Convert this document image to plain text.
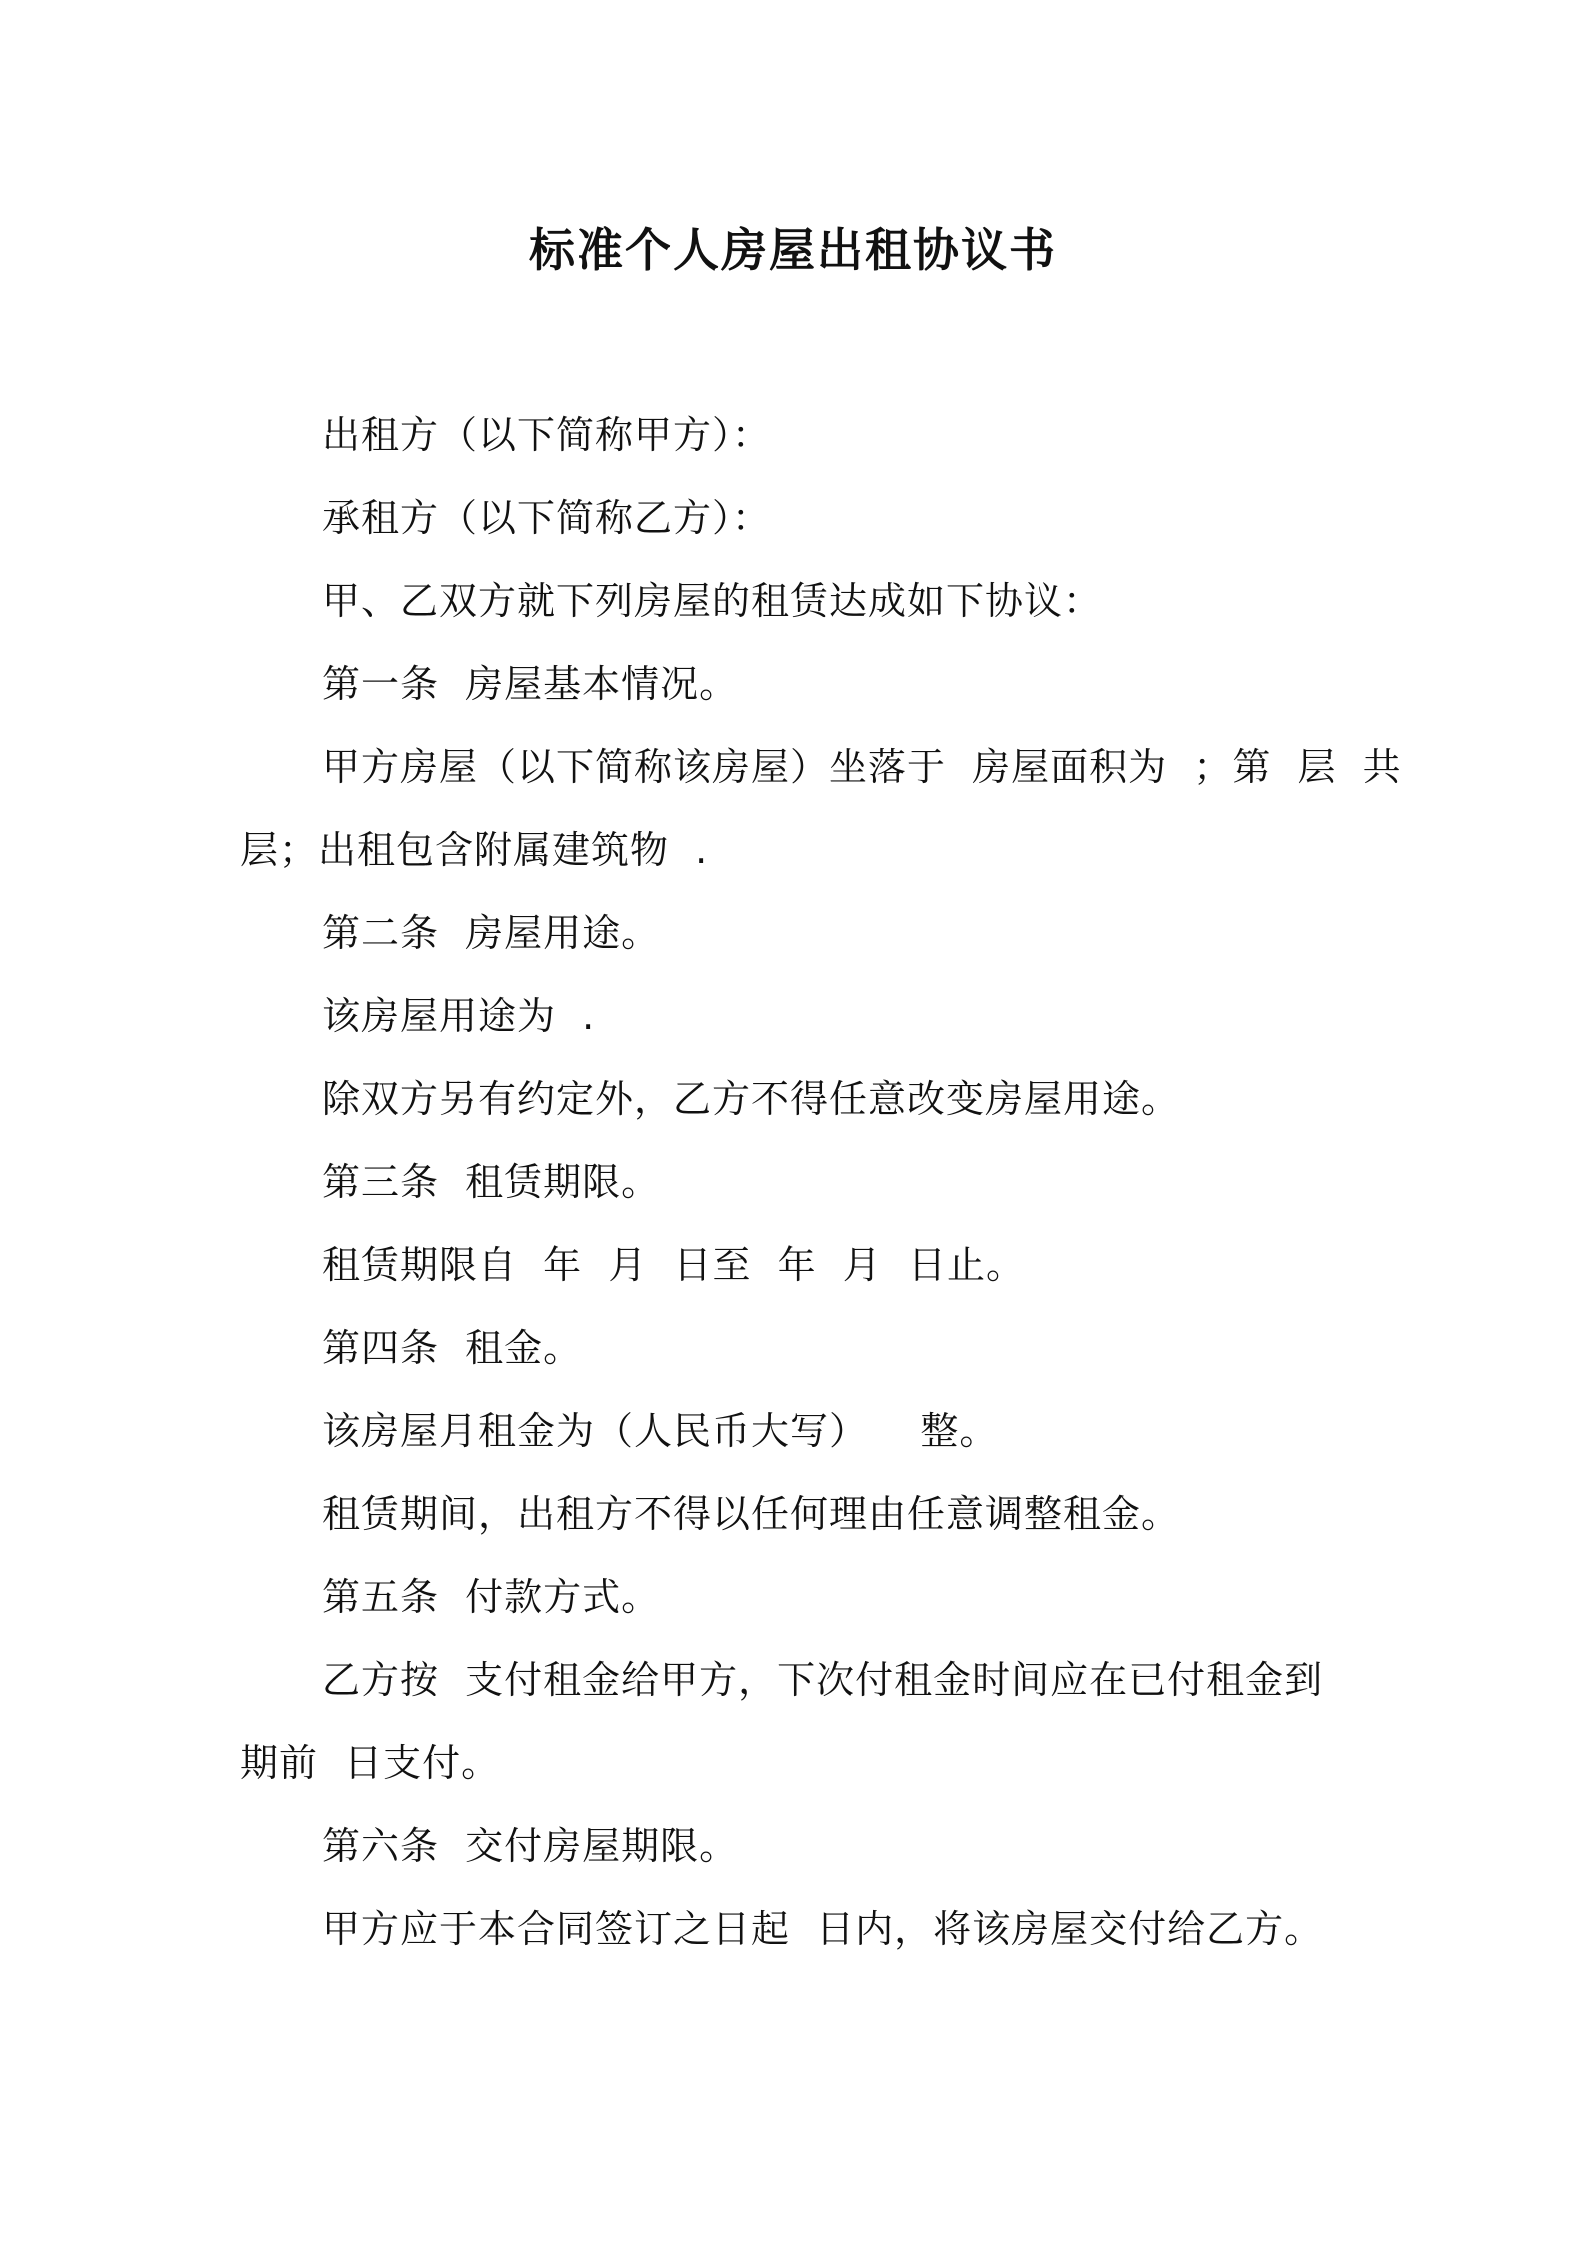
标准个人房屋出租协议书
出租方（以下简称甲方）：
承租方（以下简称乙方）：
甲、乙双方就下列房屋的租赁达成如下协议：
第一条  房屋基本情况。
甲方房屋（以下简称该房屋）坐落于  房屋面积为  ；第  层  共
层；出租包含附属建筑物  .
第二条  房屋用途。
该房屋用途为  .
除双方另有约定外，乙方不得任意改变房屋用途。
第三条  租赁期限。
租赁期限自  年  月  日至  年  月  日止。
第四条  租金。
该房屋月租金为（人民币大写）    整。
租赁期间，出租方不得以任何理由任意调整租金。
第五条  付款方式。
乙方按  支付租金给甲方，下次付租金时间应在已付租金到
期前  日支付。
第六条  交付房屋期限。
甲方应于本合同签订之日起  日内，将该房屋交付给乙方。
